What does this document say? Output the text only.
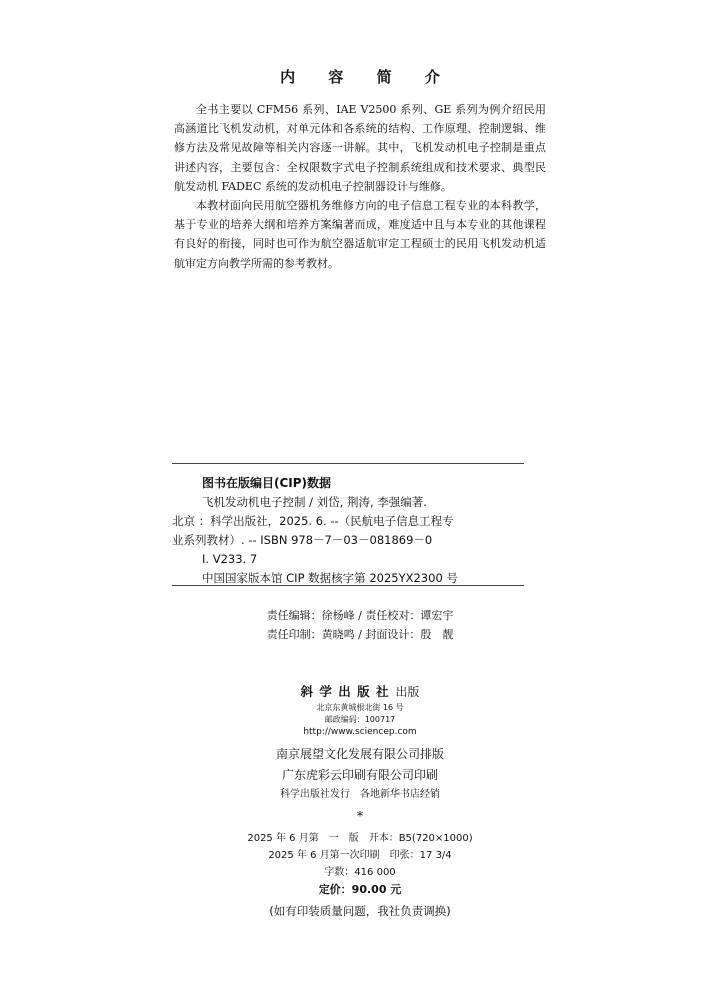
内 容 简 介

全书主要以 CFM56 系列、IAE V2500 系列、GE 系列为例介绍民用高涵道比飞机发动机，对单元体和各系统的结构、工作原理、控制逻辑、维修方法及常见故障等相关内容逐一讲解。其中，飞机发动机电子控制是重点讲述内容，主要包含：全权限数字式电子控制系统组成和技术要求、典型民航发动机 FADEC 系统的发动机电子控制器设计与维修。

本教材面向民用航空器机务维修方向的电子信息工程专业的本科教学，基于专业的培养大纲和培养方案编著而成，难度适中且与本专业的其他课程有良好的衔接，同时也可作为航空器适航审定工程硕士的民用飞机发动机适航审定方向教学所需的参考教材。

图书在版编目(CIP)数据
飞机发动机电子控制 / 刘岱, 荆涛, 李强编著.
北京 ：科学出版社，2025. 6. --（民航电子信息工程专
业系列教材）. -- ISBN 978－7－03－081869－0
Ⅰ. V233. 7
中国国家版本馆 CIP 数据核字第 2025YX2300 号
责任编辑：徐杨峰 / 责任校对：谭宏宇
责任印制：黄晓鸣 / 封面设计：殷　靓
斜 学 出 版 社 出版
北京东黄城根北街 16 号
邮政编码：100717
http://www.sciencep.com
南京展望文化发展有限公司排版
广东虎彩云印刷有限公司印刷
科学出版社发行　各地新华书店经销
*
2025 年 6 月第　一　版　开本：B5(720×1000)
2025 年 6 月第一次印刷　印张：17 3/4
字数：416 000
定价：90.00 元
(如有印装质量问题，我社负责调换)
